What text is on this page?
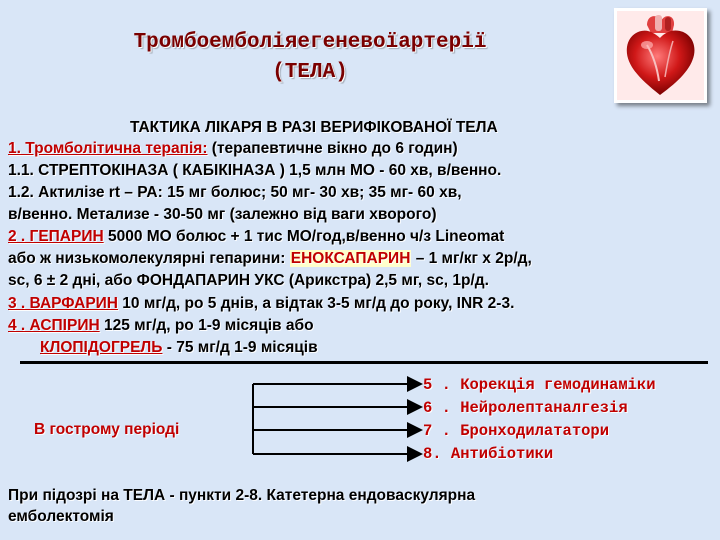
Тромбоемболіяегеневоїартерії
(ТЕЛА)
ТАКТИКА ЛІКАРЯ В РАЗІ ВЕРИФІКОВАНОЇ ТЕЛА
1. Тромболітична терапія: (терапевтичне вікно до 6 годин)
1.1. СТРЕПТОКІНАЗА ( КАБІКІНАЗА ) 1,5 млн МО - 60 хв, в/венно.
1.2. Актилізе rt – PA: 15 мг болюс; 50 мг- 30 хв; 35 мг- 60 хв,
в/венно. Метализе - 30-50 мг (залежно від ваги хворого)
2 . ГЕПАРИН 5000 МО болюс + 1 тис МО/год,в/венно ч/з Lineomat
або ж низькомолекулярні гепарини: ЕНОКСАПАРИН – 1 мг/кг х 2р/д,
sc, 6 ± 2 дні, або ФОНДАПАРИН УКС (Арикстра) 2,5 мг, sc, 1р/д.
3 . ВАРФАРИН 10 мг/д, ро 5 днів, а відтак 3-5 мг/д до року, INR 2-3.
4 . АСПІРИН 125 мг/д, ро 1-9 місяців або
КЛОПІДОГРЕЛЬ - 75 мг/д 1-9 місяців
В гострому періоді
5 . Корекція гемодинаміки
6 . Нейролептаналгезія
7 . Бронходилататори
8. Антибіотики
При підозрі на ТЕЛА - пункти 2-8. Катетерна ендоваскулярна
емболектомія
